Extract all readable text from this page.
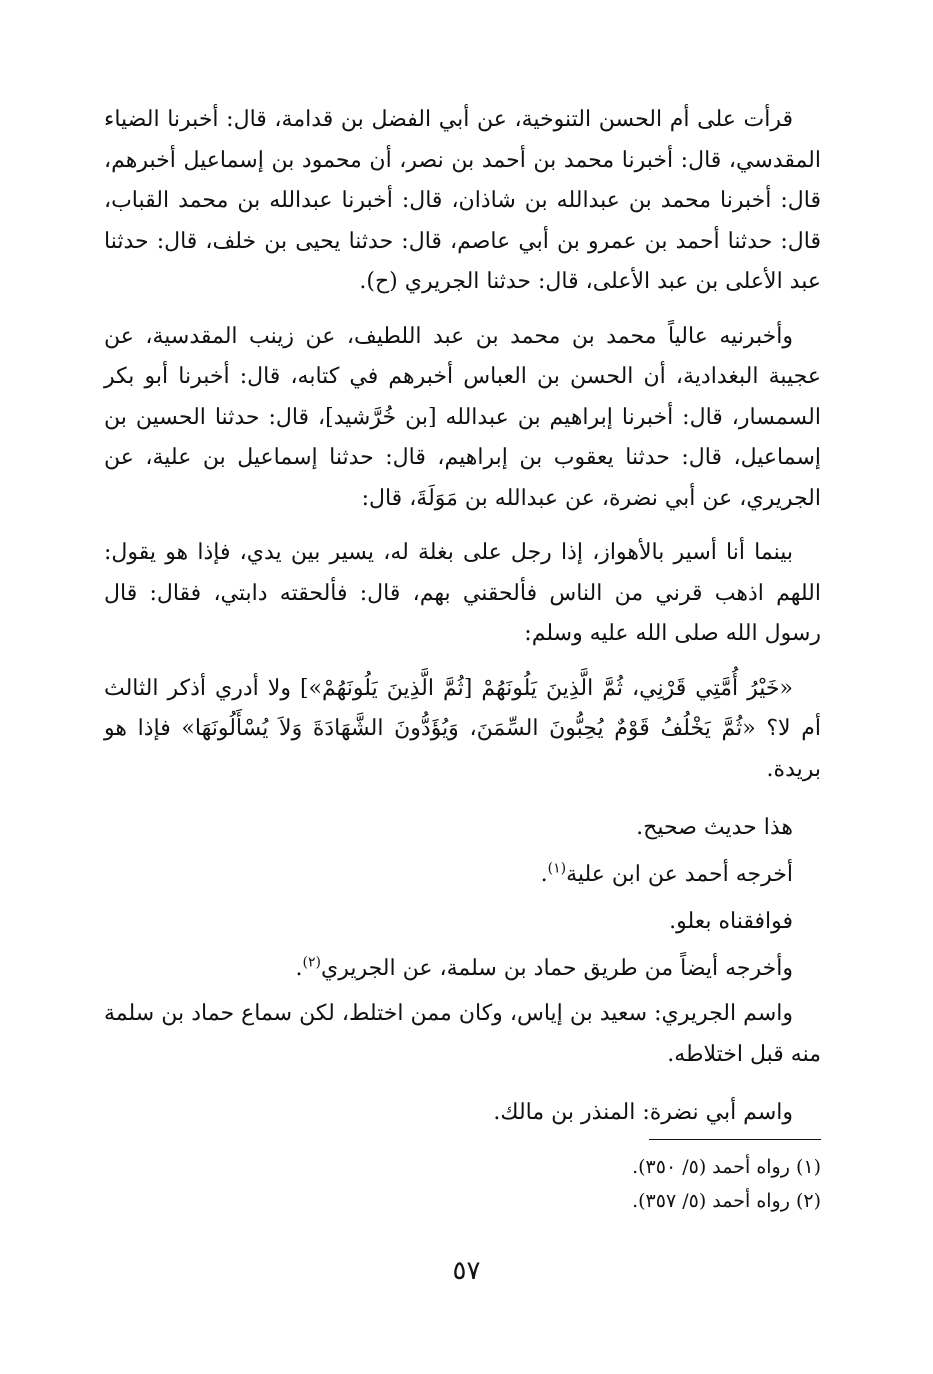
قرأت على أم الحسن التنوخية، عن أبي الفضل بن قدامة، قال: أخبرنا الضياء المقدسي، قال: أخبرنا محمد بن أحمد بن نصر، أن محمود بن إسماعيل أخبرهم، قال: أخبرنا محمد بن عبدالله بن شاذان، قال: أخبرنا عبدالله بن محمد القباب، قال: حدثنا أحمد بن عمرو بن أبي عاصم، قال: حدثنا يحيى بن خلف، قال: حدثنا عبد الأعلى بن عبد الأعلى، قال: حدثنا الجريري (ح).

وأخبرنيه عالياً محمد بن محمد بن عبد اللطيف، عن زينب المقدسية، عن عجيبة البغدادية، أن الحسن بن العباس أخبرهم في كتابه، قال: أخبرنا أبو بكر السمسار، قال: أخبرنا إبراهيم بن عبدالله [بن خُرَّشيد]، قال: حدثنا الحسين بن إسماعيل، قال: حدثنا يعقوب بن إبراهيم، قال: حدثنا إسماعيل بن علية، عن الجريري، عن أبي نضرة، عن عبدالله بن مَوَلَةَ، قال:

بينما أنا أسير بالأهواز، إذا رجل على بغلة له، يسير بين يدي، فإذا هو يقول: اللهم اذهب قرني من الناس فألحقني بهم، قال: فألحقته دابتي، فقال: قال رسول الله صلى الله عليه وسلم:

«خَيْرُ أُمَّتِي قَرْنِي، ثُمَّ الَّذِينَ يَلُونَهُمْ [ثُمَّ الَّذِينَ يَلُونَهُمْ»] ولا أدري أذكر الثالث أم لا؟ «ثُمَّ يَخْلُفُ قَوْمٌ يُحِبُّونَ السِّمَنَ، وَيُؤَدُّونَ الشَّهَادَةَ وَلاَ يُسْأَلُونَهَا» فإذا هو بريدة.

هذا حديث صحيح.

أخرجه أحمد عن ابن علية$^{(١)}$.

فوافقناه بعلو.

وأخرجه أيضاً من طريق حماد بن سلمة، عن الجريري$^{(٢)}$.

واسم الجريري: سعيد بن إياس، وكان ممن اختلط، لكن سماع حماد بن سلمة منه قبل اختلاطه.

واسم أبي نضرة: المنذر بن مالك.

(١) رواه أحمد (٥/ ٣٥٠).

(٢) رواه أحمد (٥/ ٣٥٧).

٥٧
